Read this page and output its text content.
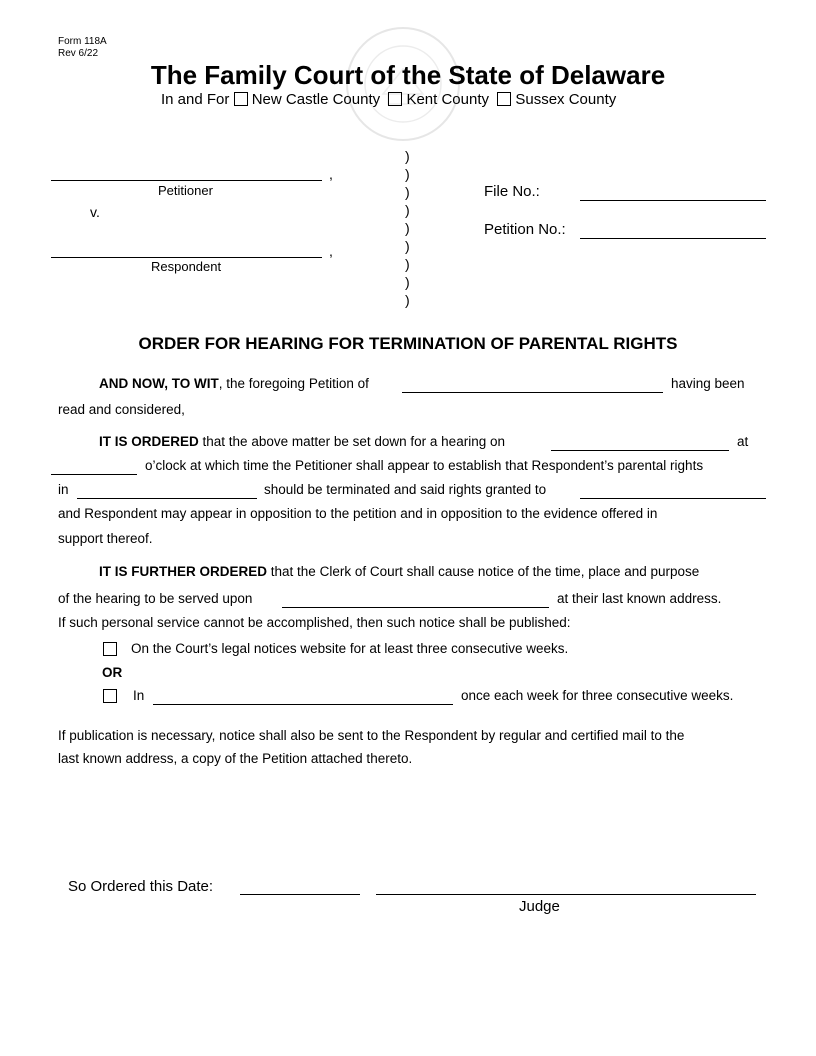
Form 118A
Rev 6/22
The Family Court of the State of Delaware
In and For New Castle County Kent County Sussex County
,
Petitioner
v.
,
Respondent
)
)
)
)
)
)
)
)
)
File No.:
Petition No.:
ORDER FOR HEARING FOR TERMINATION OF PARENTAL RIGHTS
AND NOW, TO WIT, the foregoing Petition of	having been
read and considered,
IT IS ORDERED that the above matter be set down for a hearing on	at
o’clock at which time the Petitioner shall appear to establish that Respondent’s parental rights
in	should be terminated and said rights granted to
and Respondent may appear in opposition to the petition and in opposition to the evidence offered in
support thereof.
IT IS FURTHER ORDERED that the Clerk of Court shall cause notice of the time, place and purpose
of the hearing to be served upon	at their last known address.
If such personal service cannot be accomplished, then such notice shall be published:
On the Court’s legal notices website for at least three consecutive weeks.
OR
In	once each week for three consecutive weeks.
If publication is necessary, notice shall also be sent to the Respondent by regular and certified mail to the
last known address, a copy of the Petition attached thereto.
So Ordered this Date:
Judge
